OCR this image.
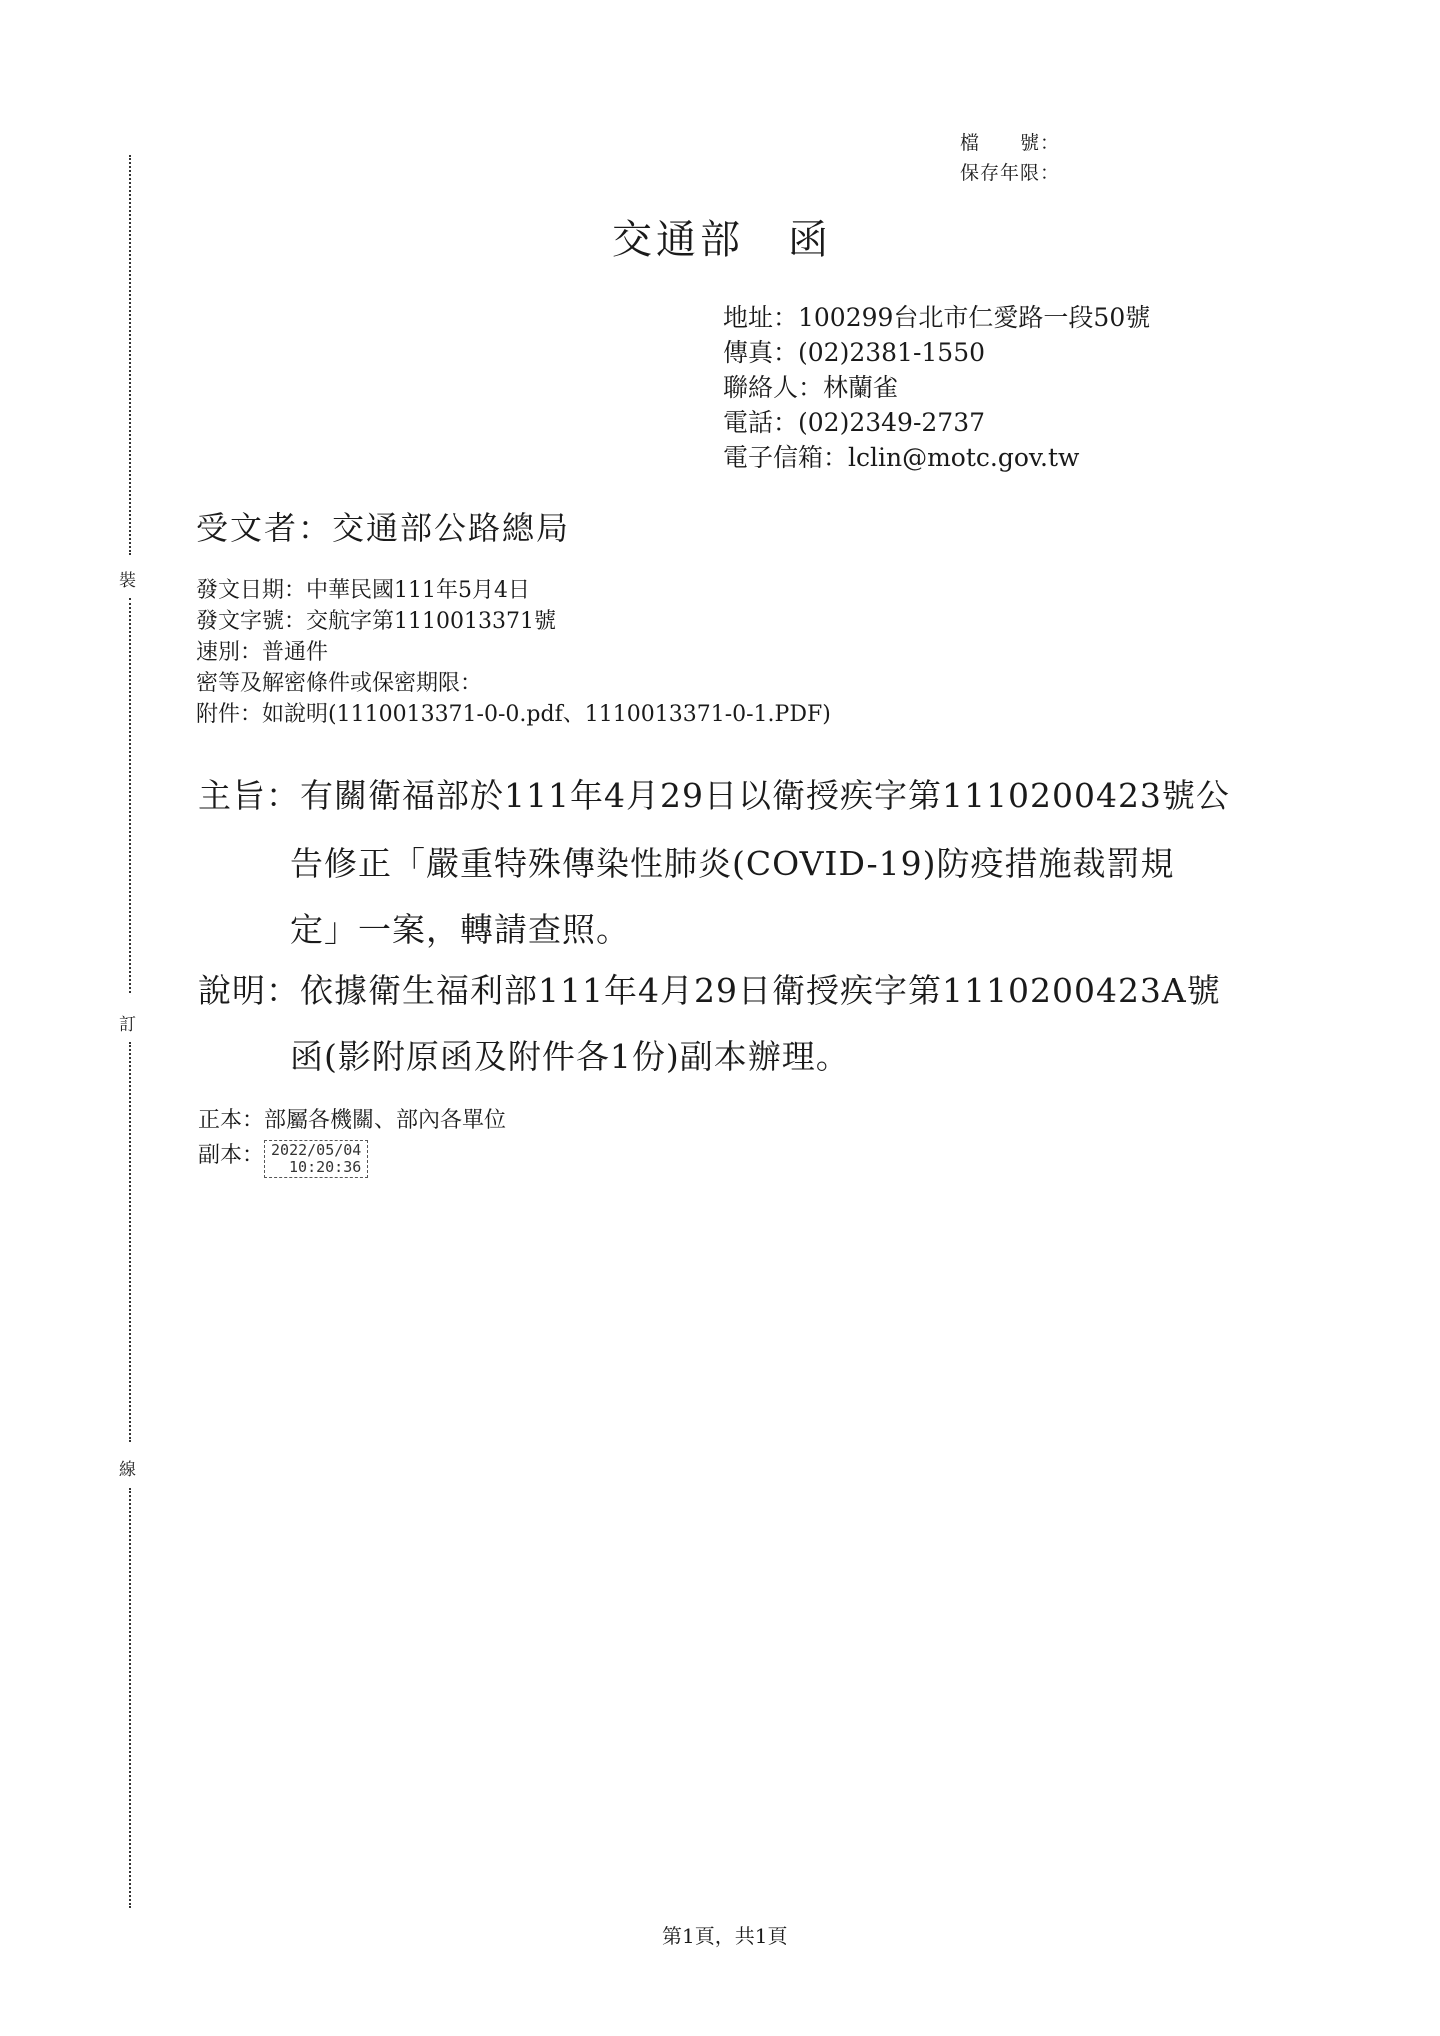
裝
訂
線
檔　　號：
保存年限：
交通部　函
地址：100299台北市仁愛路一段50號
傳真：(02)2381-1550
聯絡人：林蘭雀
電話：(02)2349-2737
電子信箱：lclin@motc.gov.tw
受文者：交通部公路總局
發文日期：中華民國111年5月4日
發文字號：交航字第1110013371號
速別：普通件
密等及解密條件或保密期限：
附件：如說明(1110013371-0-0.pdf、1110013371-0-1.PDF)
主旨：有關衛福部於111年4月29日以衛授疾字第1110200423號公
告修正「嚴重特殊傳染性肺炎(COVID-19)防疫措施裁罰規
定」一案，轉請查照。
說明：依據衛生福利部111年4月29日衛授疾字第1110200423A號
函(影附原函及附件各1份)副本辦理。
正本：部屬各機關、部內各單位
副本： 2022/05/04
10:20:36
第1頁，共1頁
